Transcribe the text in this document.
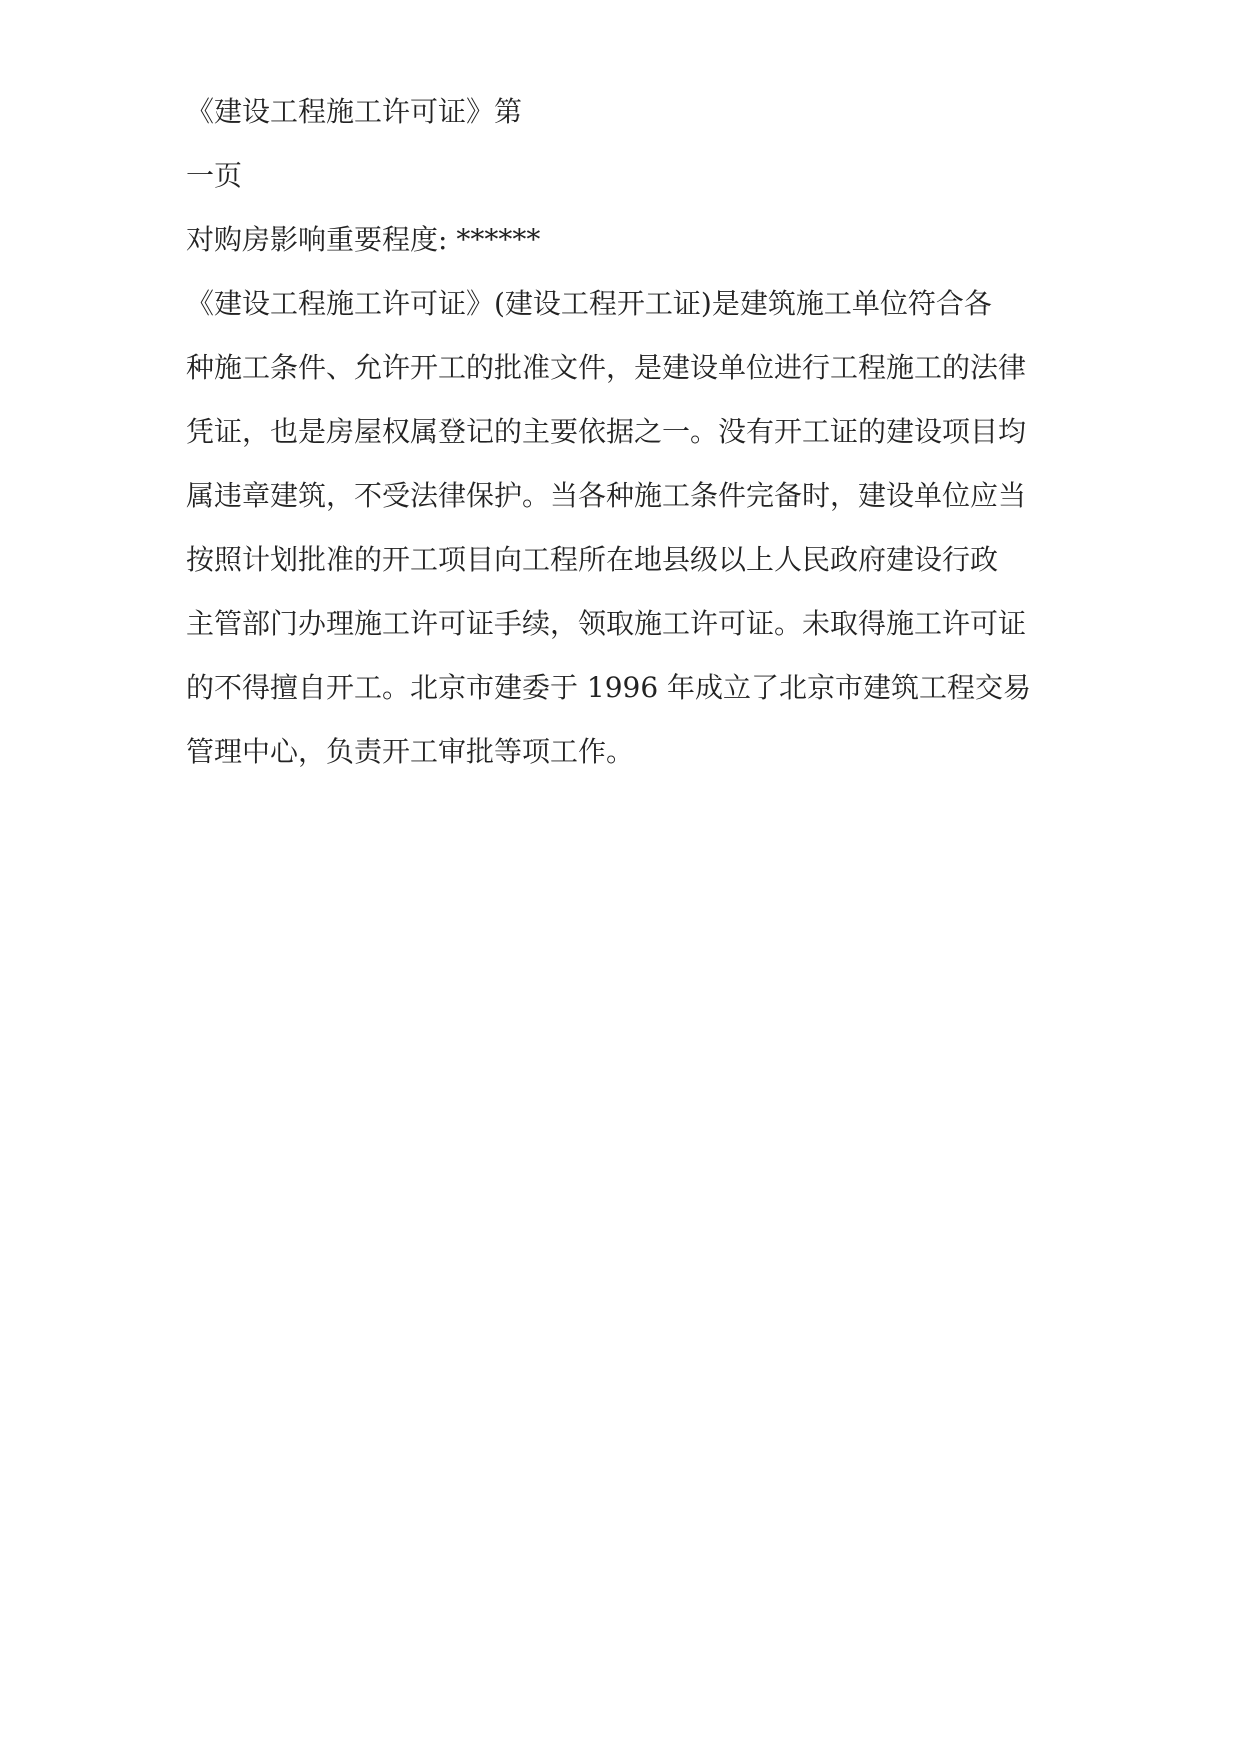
《建设工程施工许可证》第
一页
对购房影响重要程度: ******
《建设工程施工许可证》(建设工程开工证)是建筑施工单位符合各
种施工条件、允许开工的批准文件，是建设单位进行工程施工的法律
凭证，也是房屋权属登记的主要依据之一。没有开工证的建设项目均
属违章建筑，不受法律保护。当各种施工条件完备时，建设单位应当
按照计划批准的开工项目向工程所在地县级以上人民政府建设行政
主管部门办理施工许可证手续，领取施工许可证。未取得施工许可证
的不得擅自开工。北京市建委于 1996 年成立了北京市建筑工程交易
管理中心，负责开工审批等项工作。
